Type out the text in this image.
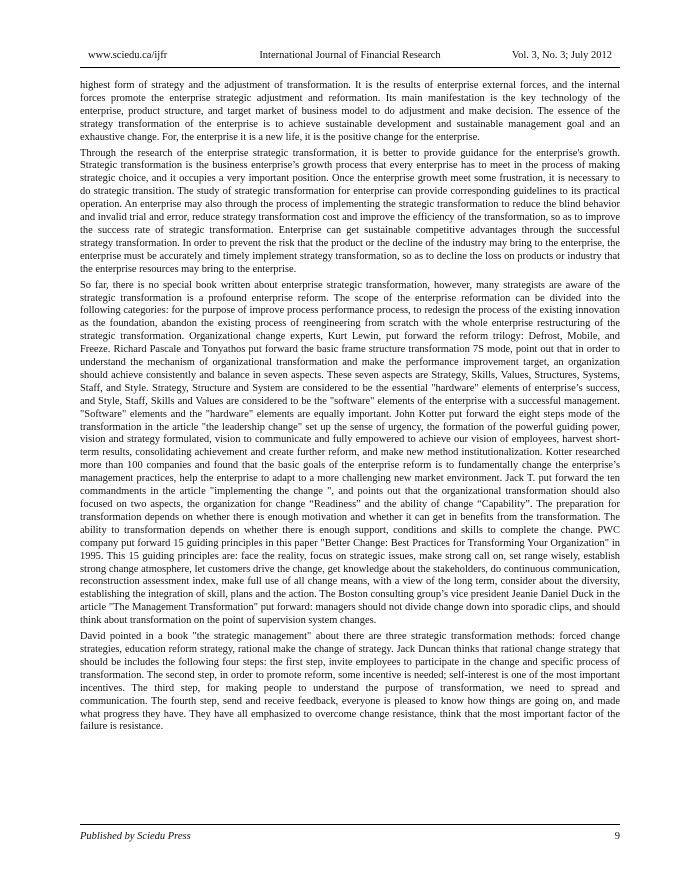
www.sciedu.ca/ijfr	International Journal of Financial Research	Vol. 3, No. 3; July 2012

highest form of strategy and the adjustment of transformation. It is the results of enterprise external forces, and the internal forces promote the enterprise strategic adjustment and reformation. Its main manifestation is the key technology of the enterprise, product structure, and target market of business model to do adjustment and make decision. The essence of the strategy transformation of the enterprise is to achieve sustainable development and sustainable management goal and an exhaustive change. For, the enterprise it is a new life, it is the positive change for the enterprise.

Through the research of the enterprise strategic transformation, it is better to provide guidance for the enterprise's growth. Strategic transformation is the business enterprise’s growth process that every enterprise has to meet in the process of making strategic choice, and it occupies a very important position. Once the enterprise growth meet some frustration, it is necessary to do strategic transition. The study of strategic transformation for enterprise can provide corresponding guidelines to its practical operation. An enterprise may also through the process of implementing the strategic transformation to reduce the blind behavior and invalid trial and error, reduce strategy transformation cost and improve the efficiency of the transformation, so as to improve the success rate of strategic transformation. Enterprise can get sustainable competitive advantages through the successful strategy transformation. In order to prevent the risk that the product or the decline of the industry may bring to the enterprise, the enterprise must be accurately and timely implement strategy transformation, so as to decline the loss on products or industry that the enterprise resources may bring to the enterprise.

So far, there is no special book written about enterprise strategic transformation, however, many strategists are aware of the strategic transformation is a profound enterprise reform. The scope of the enterprise reformation can be divided into the following categories: for the purpose of improve process performance process, to redesign the process of the existing innovation as the foundation, abandon the existing process of reengineering from scratch with the whole enterprise restructuring of the strategic transformation. Organizational change experts, Kurt Lewin, put forward the reform trilogy: Defrost, Mobile, and Freeze. Richard Pascale and Tonyathos put forward the basic frame structure transformation 7S mode, point out that in order to understand the mechanism of organizational transformation and make the performance improvement target, an organization should achieve consistently and balance in seven aspects. These seven aspects are Strategy, Skills, Values, Structures, Systems, Staff, and Style. Strategy, Structure and System are considered to be the essential "hardware" elements of enterprise’s success, and Style, Staff, Skills and Values are considered to be the "software" elements of the enterprise with a successful management. "Software" elements and the "hardware" elements are equally important. John Kotter put forward the eight steps mode of the transformation in the article "the leadership change" set up the sense of urgency, the formation of the powerful guiding power, vision and strategy formulated, vision to communicate and fully empowered to achieve our vision of employees, harvest short-term results, consolidating achievement and create further reform, and make new method institutionalization. Kotter researched more than 100 companies and found that the basic goals of the enterprise reform is to fundamentally change the enterprise’s management practices, help the enterprise to adapt to a more challenging new market environment. Jack T. put forward the ten commandments in the article "implementing the change ", and points out that the organizational transformation should also focused on two aspects, the organization for change “Readiness” and the ability of change “Capability”. The preparation for transformation depends on whether there is enough motivation and whether it can get in benefits from the transformation. The ability to transformation depends on whether there is enough support, conditions and skills to complete the change. PWC company put forward 15 guiding principles in this paper "Better Change: Best Practices for Transforming Your Organization" in 1995. This 15 guiding principles are: face the reality, focus on strategic issues, make strong call on, set range wisely, establish strong change atmosphere, let customers drive the change, get knowledge about the stakeholders, do continuous communication, reconstruction assessment index, make full use of all change means, with a view of the long term, consider about the diversity, establishing the integration of skill, plans and the action. The Boston consulting group’s vice president Jeanie Daniel Duck in the article "The Management Transformation" put forward: managers should not divide change down into sporadic clips, and should think about transformation on the point of supervision system changes.

David pointed in a book "the strategic management" about there are three strategic transformation methods: forced change strategies, education reform strategy, rational make the change of strategy. Jack Duncan thinks that rational change strategy that should be includes the following four steps: the first step, invite employees to participate in the change and specific process of transformation. The second step, in order to promote reform, some incentive is needed; self-interest is one of the most important incentives. The third step, for making people to understand the purpose of transformation, we need to spread and communication. The fourth step, send and receive feedback, everyone is pleased to know how things are going on, and made what progress they have. They have all emphasized to overcome change resistance, think that the most important factor of the failure is resistance.

Published by Sciedu Press	9
